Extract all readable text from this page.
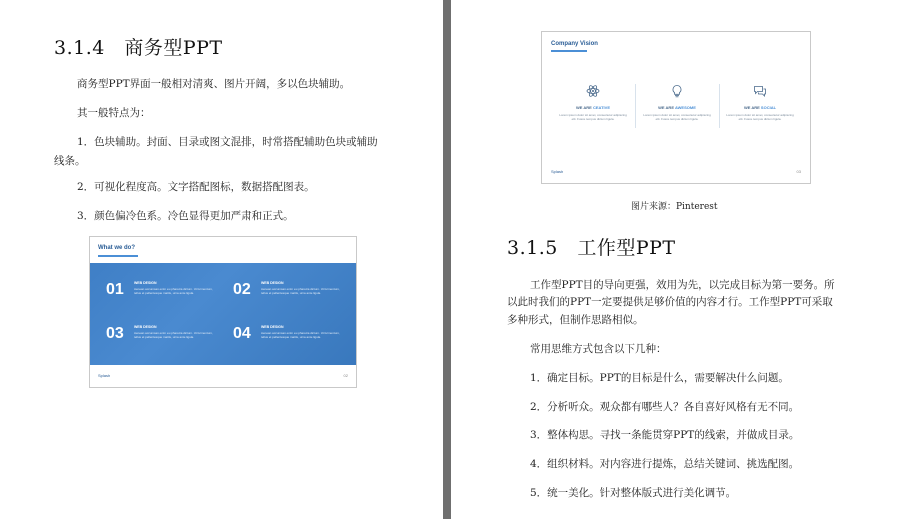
3.1.4　商务型PPT
商务型PPT界面一般相对清爽、图片开阔，多以色块辅助。
其一般特点为：
1．色块辅助。封面、目录或图文混排，时常搭配辅助色块或辅助
线条。
2．可视化程度高。文字搭配图标，数据搭配图表。
3．颜色偏冷色系。冷色显得更加严肃和正式。
What we do?
01	WEB DESIGN
Aenean accumsan enim eu pharetra dictum. Ut fermentum, tellus et pellentesque mattis, urna ante ligula.	02	WEB DESIGN
Aenean accumsan enim eu pharetra dictum. Ut fermentum, tellus et pellentesque mattis, urna ante ligula.
03	WEB DESIGN
Aenean accumsan enim eu pharetra dictum. Ut fermentum, tellus et pellentesque mattis, urna ante ligula.	04	WEB DESIGN
Aenean accumsan enim eu pharetra dictum. Ut fermentum, tellus et pellentesque mattis, urna ante ligula.
Splash	02
Company Vision
WE ARE CEATIVE
Lorem ipsum dolor sit amet, consectetur adipiscing elit. Fusce tempus dictum ligula.
WE ARE AWESOME
Lorem ipsum dolor sit amet, consectetur adipiscing elit. Fusce tempus dictum ligula.
WE ARE SOCIAL
Lorem ipsum dolor sit amet, consectetur adipiscing elit. Fusce tempus dictum ligula.
Splash	03
图片来源：Pinterest
3.1.5　工作型PPT
工作型PPT目的导向更强，效用为先，以完成目标为第一要务。所
以此时我们的PPT一定要提供足够价值的内容才行。工作型PPT可采取
多种形式，但制作思路相似。
常用思维方式包含以下几种：
1．确定目标。PPT的目标是什么，需要解决什么问题。
2．分析听众。观众都有哪些人？各自喜好风格有无不同。
3．整体构思。寻找一条能贯穿PPT的线索，并做成目录。
4．组织材料。对内容进行提炼，总结关键词、挑选配图。
5．统一美化。针对整体版式进行美化调节。
